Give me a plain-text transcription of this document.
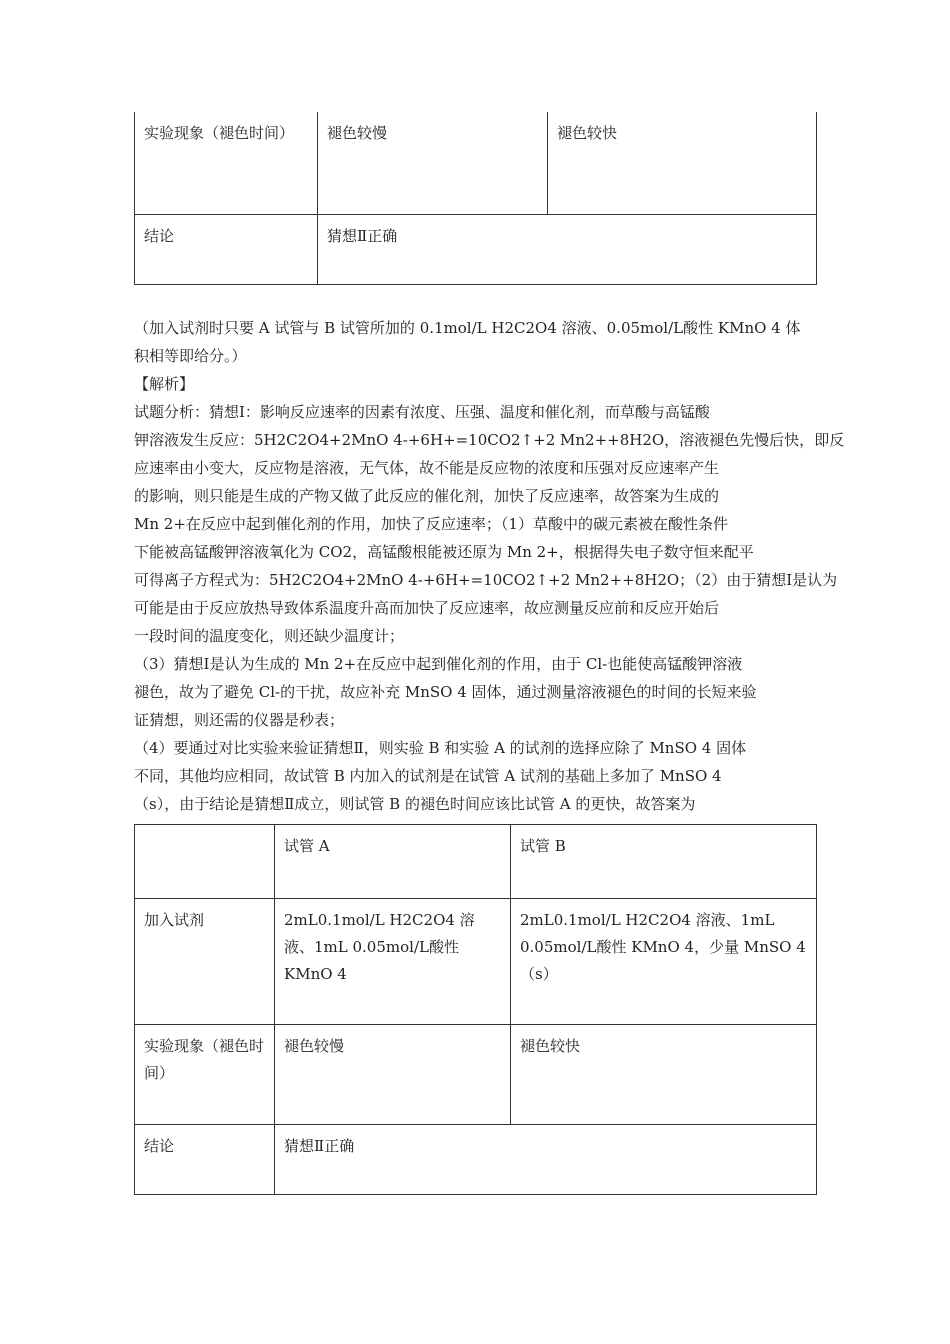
实验现象（褪色时间）	褪色较慢	褪色较快
结论	猜想Ⅱ正确	
（加入试剂时只要 A 试管与 B 试管所加的 0.1mol/L H2C2O4 溶液、0.05mol/L酸性 KMnO 4 体
积相等即给分。）
【解析】
试题分析：猜想Ⅰ：影响反应速率的因素有浓度、压强、温度和催化剂，而草酸与高锰酸
钾溶液发生反应：5H2C2O4+2MnO 4-+6H+=10CO2↑+2 Mn2++8H2O，溶液褪色先慢后快，即反
应速率由小变大，反应物是溶液，无气体，故不能是反应物的浓度和压强对反应速率产生
的影响，则只能是生成的产物又做了此反应的催化剂，加快了反应速率，故答案为生成的
Mn 2+在反应中起到催化剂的作用，加快了反应速率；（1）草酸中的碳元素被在酸性条件
下能被高锰酸钾溶液氧化为 CO2，高锰酸根能被还原为 Mn 2+，根据得失电子数守恒来配平
可得离子方程式为：5H2C2O4+2MnO 4-+6H+=10CO2↑+2 Mn2++8H2O；（2）由于猜想Ⅰ是认为
可能是由于反应放热导致体系温度升高而加快了反应速率，故应测量反应前和反应开始后
一段时间的温度变化，则还缺少温度计；
（3）猜想Ⅰ是认为生成的 Mn 2+在反应中起到催化剂的作用，由于 Cl-也能使高锰酸钾溶液
褪色，故为了避免 Cl-的干扰，故应补充 MnSO 4 固体，通过测量溶液褪色的时间的长短来验
证猜想，则还需的仪器是秒表；
（4）要通过对比实验来验证猜想Ⅱ，则实验 B 和实验 A 的试剂的选择应除了 MnSO 4 固体
不同，其他均应相同，故试管 B 内加入的试剂是在试管 A 试剂的基础上多加了 MnSO 4
（s），由于结论是猜想Ⅱ成立，则试管 B 的褪色时间应该比试管 A 的更快，故答案为
	试管 A	试管 B
加入试剂	2mL0.1mol/L H2C2O4 溶液、1mL 0.05mol/L酸性 KMnO 4	2mL0.1mol/L H2C2O4 溶液、1mL 0.05mol/L酸性 KMnO 4，少量 MnSO 4（s）
实验现象（褪色时间）	褪色较慢	褪色较快
结论	猜想Ⅱ正确	
